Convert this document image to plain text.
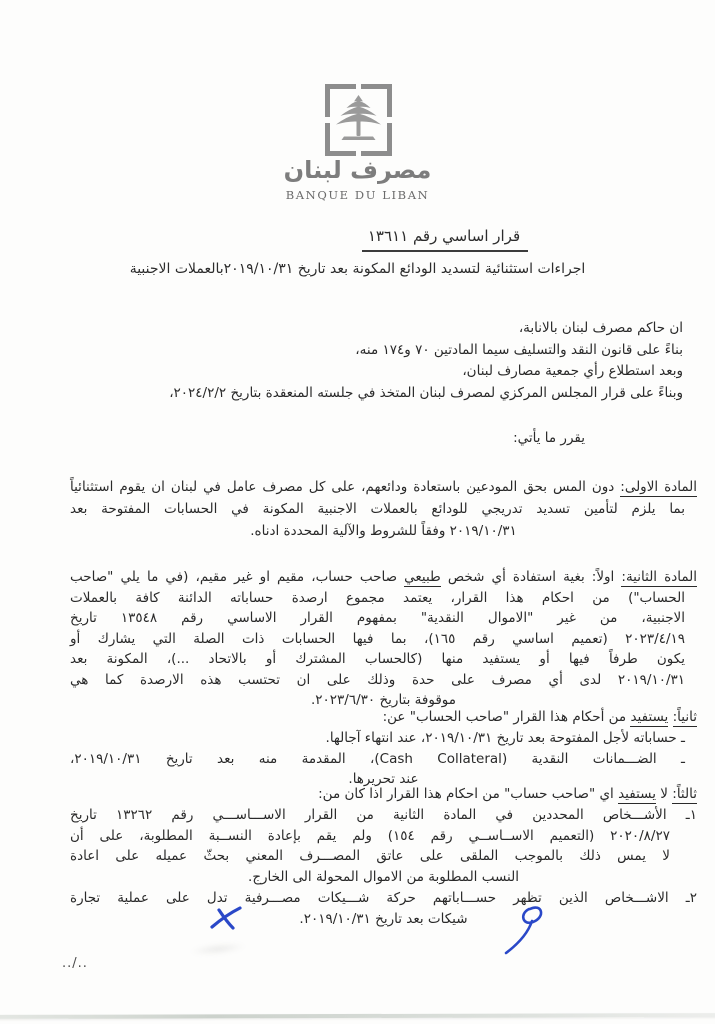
مصرف لبنان
BANQUE DU LIBAN
قرار اساسي رقم ١٣٦١١
اجراءات استثنائية لتسديد الودائع المكونة بعد تاريخ ٢٠١٩/١٠/٣١بالعملات الاجنبية
ان حاكم مصرف لبنان بالانابة،
بناءً على قانون النقد والتسليف سيما المادتين ٧٠ و١٧٤ منه،
وبعد استطلاع رأي جمعية مصارف لبنان،
وبناءً على قرار المجلس المركزي لمصرف لبنان المتخذ في جلسته المنعقدة بتاريخ ٢٠٢٤/٢/٢،
يقرر ما يأتي:
المادة الاولى: دون المس بحق المودعين باستعادة ودائعهم، على كل مصرف عامل في لبنان ان يقوم استثنائياً
بما يلزم لتأمين تسديد تدريجي للودائع بالعملات الاجنبية المكونة في الحسابات المفتوحة بعد
٢٠١٩/١٠/٣١ وفقاً للشروط والآلية المحددة ادناه.
المادة الثانية: اولاً: بغية استفادة أي شخص طبيعي صاحب حساب، مقيم او غير مقيم، (في ما يلي "صاحب
الحساب") من احكام هذا القرار، يعتمد مجموع ارصدة حساباته الدائنة كافة بالعملات
الاجنبية، من غير "الاموال النقدية" بمفهوم القرار الاساسي رقم ١٣٥٤٨ تاريخ
٢٠٢٣/٤/١٩ (تعميم اساسي رقم ١٦٥)، بما فيها الحسابات ذات الصلة التي يشارك أو
يكون طرفاً فيها أو يستفيد منها (كالحساب المشترك أو بالاتحاد ...)، المكونة بعد
٢٠١٩/١٠/٣١ لدى أي مصرف على حدة وذلك على ان تحتسب هذه الارصدة كما هي
موقوفة بتاريخ ٢٠٢٣/٦/٣٠.
ثانياً: يستفيد من أحكام هذا القرار "صاحب الحساب" عن:
ـ حساباته لأجل المفتوحة بعد تاريخ ٢٠١٩/١٠/٣١، عند انتهاء آجالها.
ـ الضـــمانات النقدية (Cash Collateral)، المقدمة منه بعد تاريخ ٢٠١٩/١٠/٣١،
عند تحريرها.
ثالثاً: لا يستفيد اي "صاحب حساب" من احكام هذا القرار اذا كان من:
١ـ الأشـــخاص المحددين في المادة الثانية من القرار الاســـاســـي رقم ١٣٢٦٢ تاريخ
٢٠٢٠/٨/٢٧ (التعميم الاســاســي رقم ١٥٤) ولم يقم بإعادة النســبة المطلوبة، على أن
لا يمس ذلك بالموجب الملقى على عاتق المصـــرف المعني بحثّ عميله على اعادة
النسب المطلوبة من الاموال المحولة الى الخارج.
٢ـ الاشـــخاص الذين تظهر حســـاباتهم حركة شـــيكات مصـــرفية تدل على عملية تجارة
شيكات بعد تاريخ ٢٠١٩/١٠/٣١.
../..
